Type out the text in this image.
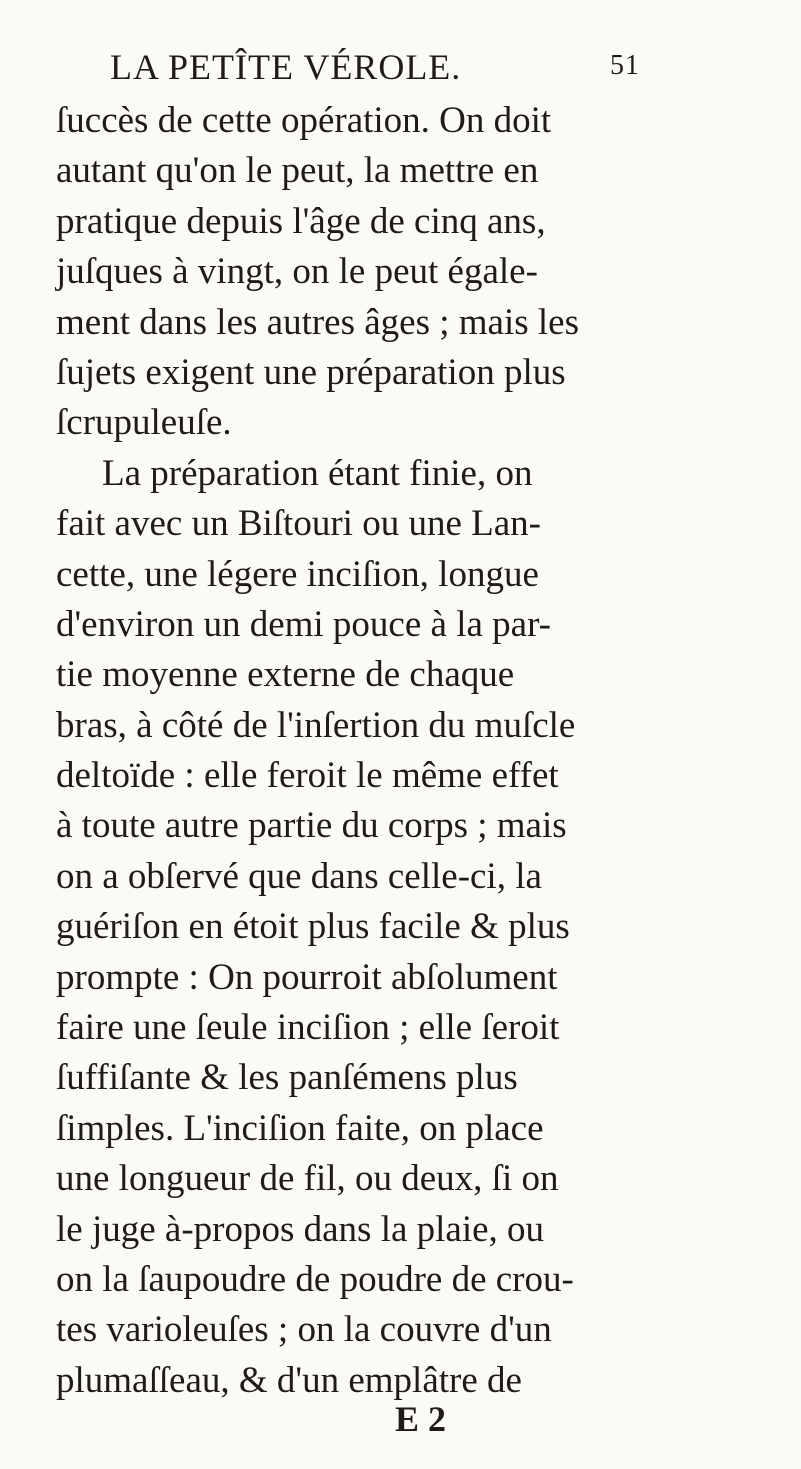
LA PETÎTE VÉROLE.	51
ſuccès de cette opération. On doit
autant qu'on le peut, la mettre en
pratique depuis l'âge de cinq ans,
juſques à vingt, on le peut égale-
ment dans les autres âges ; mais les
ſujets exigent une préparation plus
ſcrupuleuſe.
La préparation étant finie, on
fait avec un Biſtouri ou une Lan-
cette, une légere inciſion, longue
d'environ un demi pouce à la par-
tie moyenne externe de chaque
bras, à côté de l'inſertion du muſcle
deltoïde : elle feroit le même effet
à toute autre partie du corps ; mais
on a obſervé que dans celle-ci, la
guériſon en étoit plus facile & plus
prompte : On pourroit abſolument
faire une ſeule inciſion ; elle ſeroit
ſuffiſante & les panſémens plus
ſimples. L'inciſion faite, on place
une longueur de fil, ou deux, ſi on
le juge à-propos dans la plaie, ou
on la ſaupoudre de poudre de crou-
tes varioleuſes ; on la couvre d'un
plumaſſeau, & d'un emplâtre de
E 2
